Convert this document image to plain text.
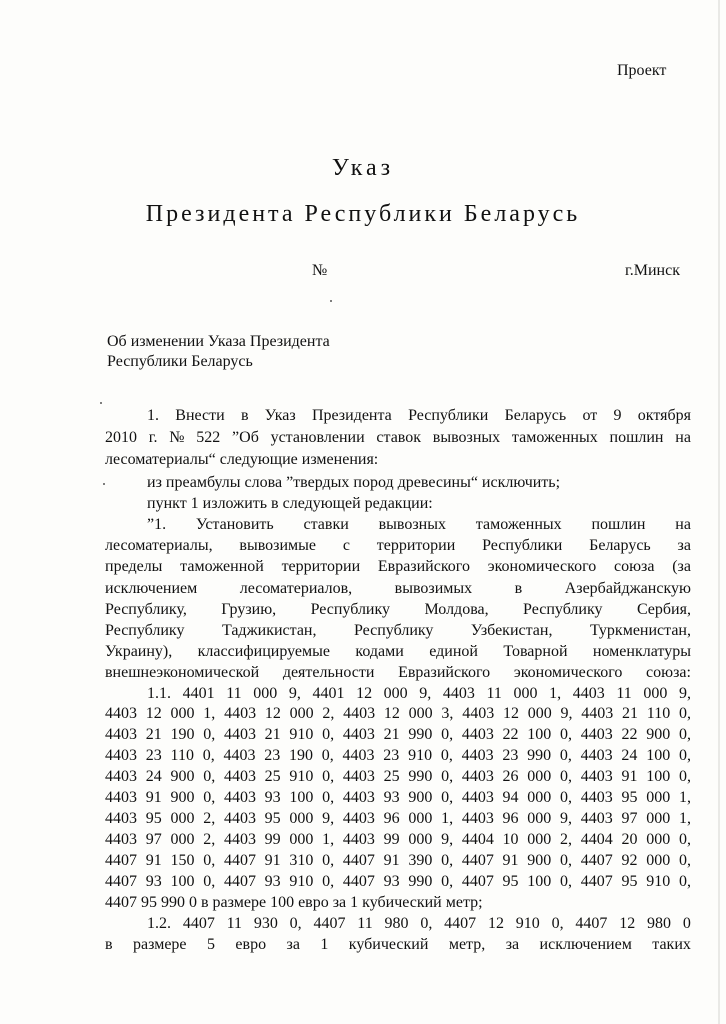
Проект
Указ
Президента Республики Беларусь
№	г.Минск
Об изменении Указа Президента
Республики Беларусь
1. Внести в Указ Президента Республики Беларусь от 9 октября
2010 г. № 522 ”Об установлении ставок вывозных таможенных пошлин на
лесоматериалы“ следующие изменения:
из преамбулы слова ”твердых пород древесины“ исключить;
пункт 1 изложить в следующей редакции:
”1. Установить ставки вывозных таможенных пошлин на
лесоматериалы, вывозимые с территории Республики Беларусь за
пределы таможенной территории Евразийского экономического союза (за
исключением	лесоматериалов,	вывозимых	в	Азербайджанскую
Республику, Грузию, Республику Молдова, Республику Сербия,
Республику Таджикистан, Республику Узбекистан, Туркменистан,
Украину), классифицируемые кодами единой Товарной номенклатуры
внешнеэкономической деятельности Евразийского экономического союза:
1.1. 4401 11 000 9, 4401 12 000 9, 4403 11 000 1, 4403 11 000 9,
4403 12 000 1, 4403 12 000 2, 4403 12 000 3, 4403 12 000 9, 4403 21 110 0,
4403 21 190 0, 4403 21 910 0, 4403 21 990 0, 4403 22 100 0, 4403 22 900 0,
4403 23 110 0, 4403 23 190 0, 4403 23 910 0, 4403 23 990 0, 4403 24 100 0,
4403 24 900 0, 4403 25 910 0, 4403 25 990 0, 4403 26 000 0, 4403 91 100 0,
4403 91 900 0, 4403 93 100 0, 4403 93 900 0, 4403 94 000 0, 4403 95 000 1,
4403 95 000 2, 4403 95 000 9, 4403 96 000 1, 4403 96 000 9, 4403 97 000 1,
4403 97 000 2, 4403 99 000 1, 4403 99 000 9, 4404 10 000 2, 4404 20 000 0,
4407 91 150 0, 4407 91 310 0, 4407 91 390 0, 4407 91 900 0, 4407 92 000 0,
4407 93 100 0, 4407 93 910 0, 4407 93 990 0, 4407 95 100 0, 4407 95 910 0,
4407 95 990 0 в размере 100 евро за 1 кубический метр;
1.2. 4407 11 930 0, 4407 11 980 0, 4407 12 910 0, 4407 12 980 0
в размере 5 евро за 1 кубический метр, за исключением таких
